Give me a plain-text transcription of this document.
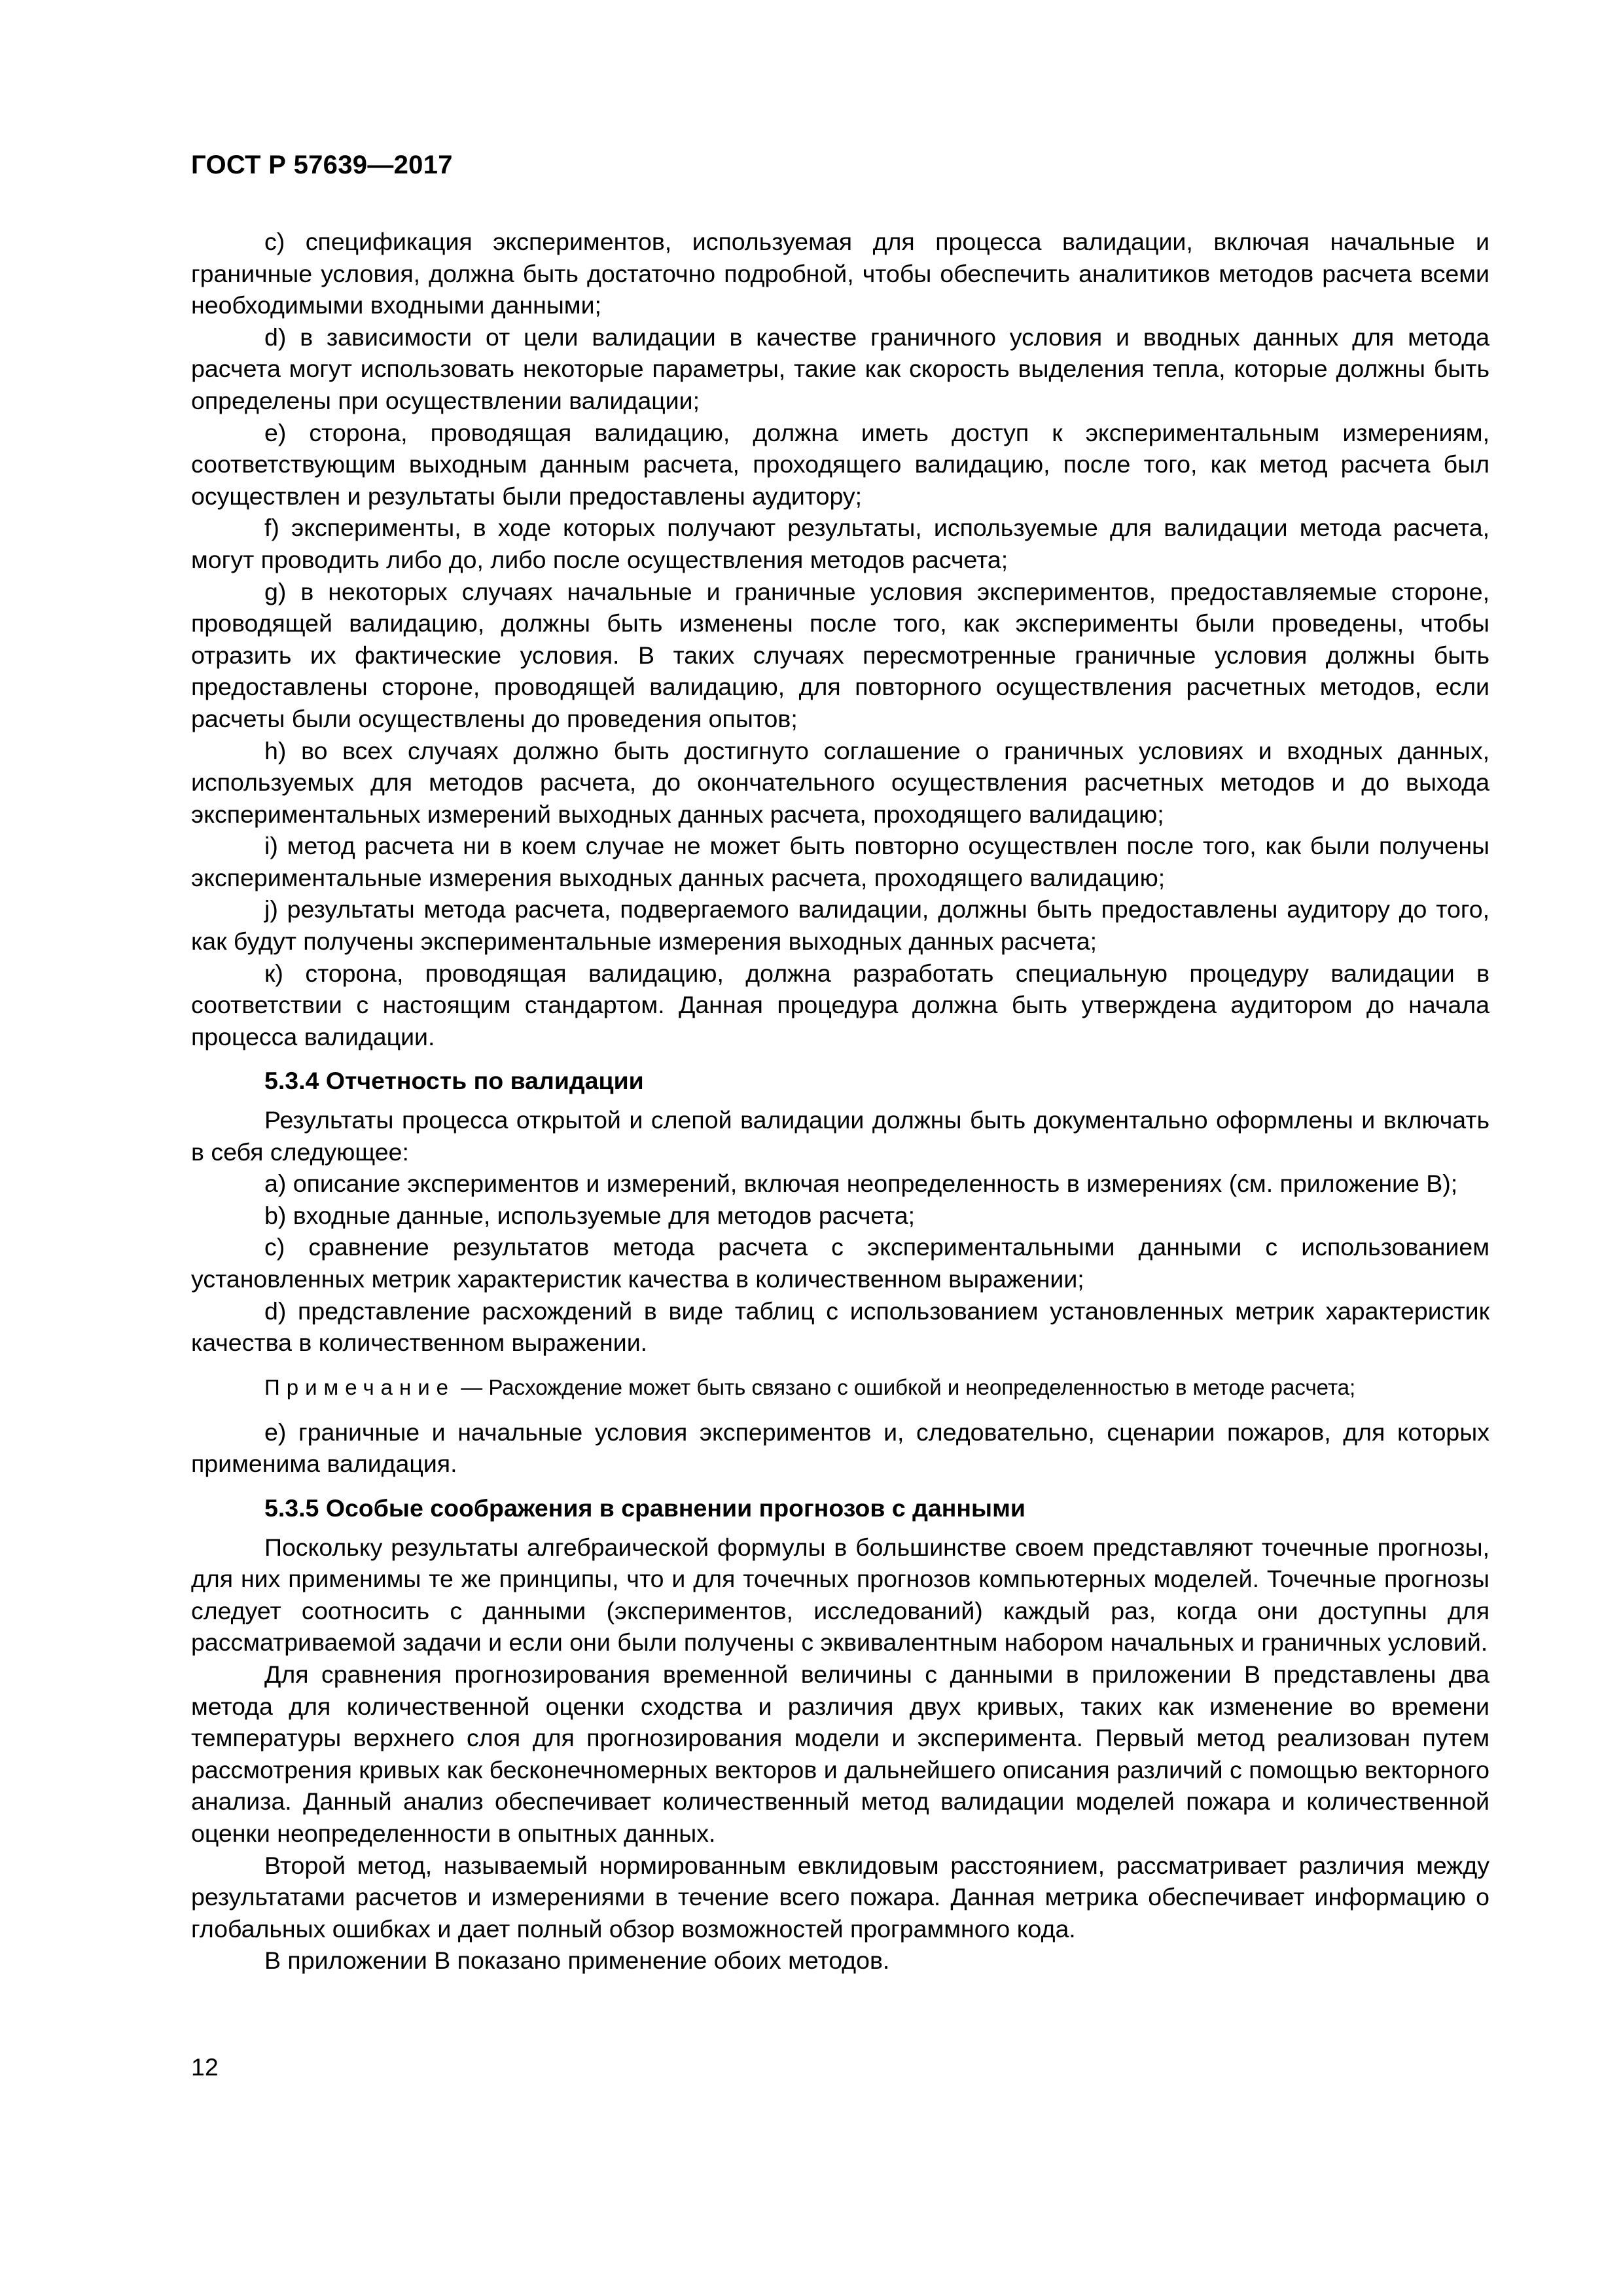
ГОСТ Р 57639—2017

с) спецификация экспериментов, используемая для процесса валидации, включая начальные и граничные условия, должна быть достаточно подробной, чтобы обеспечить аналитиков методов расчета всеми необходимыми входными данными;

d) в зависимости от цели валидации в качестве граничного условия и вводных данных для метода расчета могут использовать некоторые параметры, такие как скорость выделения тепла, которые должны быть определены при осуществлении валидации;

е) сторона, проводящая валидацию, должна иметь доступ к экспериментальным измерениям, соответствующим выходным данным расчета, проходящего валидацию, после того, как метод расчета был осуществлен и результаты были предоставлены аудитору;

f) эксперименты, в ходе которых получают результаты, используемые для валидации метода расчета, могут проводить либо до, либо после осуществления методов расчета;

g) в некоторых случаях начальные и граничные условия экспериментов, предоставляемые стороне, проводящей валидацию, должны быть изменены после того, как эксперименты были проведены, чтобы отразить их фактические условия. В таких случаях пересмотренные граничные условия должны быть предоставлены стороне, проводящей валидацию, для повторного осуществления расчетных методов, если расчеты были осуществлены до проведения опытов;

h) во всех случаях должно быть достигнуто соглашение о граничных условиях и входных данных, используемых для методов расчета, до окончательного осуществления расчетных методов и до выхода экспериментальных измерений выходных данных расчета, проходящего валидацию;

i) метод расчета ни в коем случае не может быть повторно осуществлен после того, как были получены экспериментальные измерения выходных данных расчета, проходящего валидацию;

j) результаты метода расчета, подвергаемого валидации, должны быть предоставлены аудитору до того, как будут получены экспериментальные измерения выходных данных расчета;

к) сторона, проводящая валидацию, должна разработать специальную процедуру валидации в соответствии с настоящим стандартом. Данная процедура должна быть утверждена аудитором до начала процесса валидации.

5.3.4 Отчетность по валидации

Результаты процесса открытой и слепой валидации должны быть документально оформлены и включать в себя следующее:

а) описание экспериментов и измерений, включая неопределенность в измерениях (см. приложение В);

b) входные данные, используемые для методов расчета;

с) сравнение результатов метода расчета с экспериментальными данными с использованием установленных метрик характеристик качества в количественном выражении;

d) представление расхождений в виде таблиц с использованием установленных метрик характеристик качества в количественном выражении.

Примечание — Расхождение может быть связано с ошибкой и неопределенностью в методе расчета;

е) граничные и начальные условия экспериментов и, следовательно, сценарии пожаров, для которых применима валидация.

5.3.5 Особые соображения в сравнении прогнозов с данными

Поскольку результаты алгебраической формулы в большинстве своем представляют точечные прогнозы, для них применимы те же принципы, что и для точечных прогнозов компьютерных моделей. Точечные прогнозы следует соотносить с данными (экспериментов, исследований) каждый раз, когда они доступны для рассматриваемой задачи и если они были получены с эквивалентным набором начальных и граничных условий.

Для сравнения прогнозирования временной величины с данными в приложении В представлены два метода для количественной оценки сходства и различия двух кривых, таких как изменение во времени температуры верхнего слоя для прогнозирования модели и эксперимента. Первый метод реализован путем рассмотрения кривых как бесконечномерных векторов и дальнейшего описания различий с помощью векторного анализа. Данный анализ обеспечивает количественный метод валидации моделей пожара и количественной оценки неопределенности в опытных данных.

Второй метод, называемый нормированным евклидовым расстоянием, рассматривает различия между результатами расчетов и измерениями в течение всего пожара. Данная метрика обеспечивает информацию о глобальных ошибках и дает полный обзор возможностей программного кода.

В приложении В показано применение обоих методов.

12
